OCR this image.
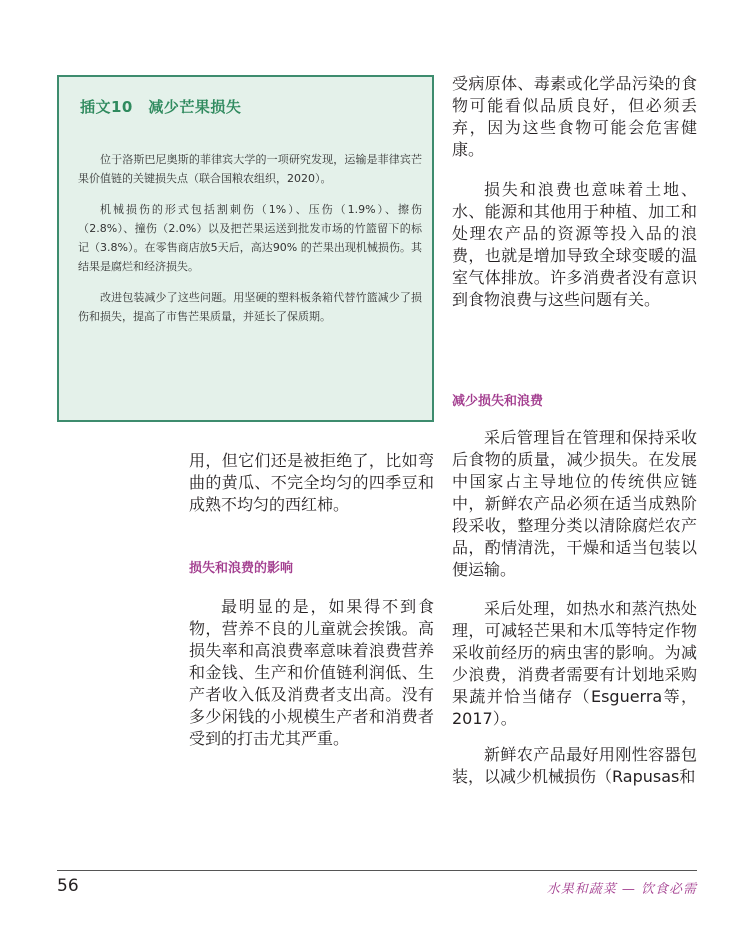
插文10　减少芒果损失

位于洛斯巴尼奥斯的菲律宾大学的一项研究发现，运输是菲律宾芒果价值链的关键损失点（联合国粮农组织，2020）。

机械损伤的形式包括割刺伤（1%）、压伤（1.9%）、擦伤（2.8%）、撞伤（2.0%）以及把芒果运送到批发市场的竹篮留下的标记（3.8%）。在零售商店放5天后，高达90% 的芒果出现机械损伤。其结果是腐烂和经济损失。

改进包装减少了这些问题。用坚硬的塑料板条箱代替竹篮减少了损伤和损失，提高了市售芒果质量，并延长了保质期。

用，但它们还是被拒绝了，比如弯曲的黄瓜、不完全均匀的四季豆和成熟不均匀的西红柿。

损失和浪费的影响

最明显的是，如果得不到食物，营养不良的儿童就会挨饿。高损失率和高浪费率意味着浪费营养和金钱、生产和价值链利润低、生产者收入低及消费者支出高。没有多少闲钱的小规模生产者和消费者受到的打击尤其严重。

受病原体、毒素或化学品污染的食物可能看似品质良好，但必须丢弃，因为这些食物可能会危害健康。

损失和浪费也意味着土地、水、能源和其他用于种植、加工和处理农产品的资源等投入品的浪费，也就是增加导致全球变暖的温室气体排放。许多消费者没有意识到食物浪费与这些问题有关。

减少损失和浪费

采后管理旨在管理和保持采收后食物的质量，减少损失。在发展中国家占主导地位的传统供应链中，新鲜农产品必须在适当成熟阶段采收，整理分类以清除腐烂农产品，酌情清洗，干燥和适当包装以便运输。

采后处理，如热水和蒸汽热处理，可减轻芒果和木瓜等特定作物采收前经历的病虫害的影响。为减少浪费，消费者需要有计划地采购果蔬并恰当储存（Esguerra等，2017）。

新鲜农产品最好用刚性容器包装，以减少机械损伤（Rapusas和

56	水果和蔬菜 — 饮食必需
